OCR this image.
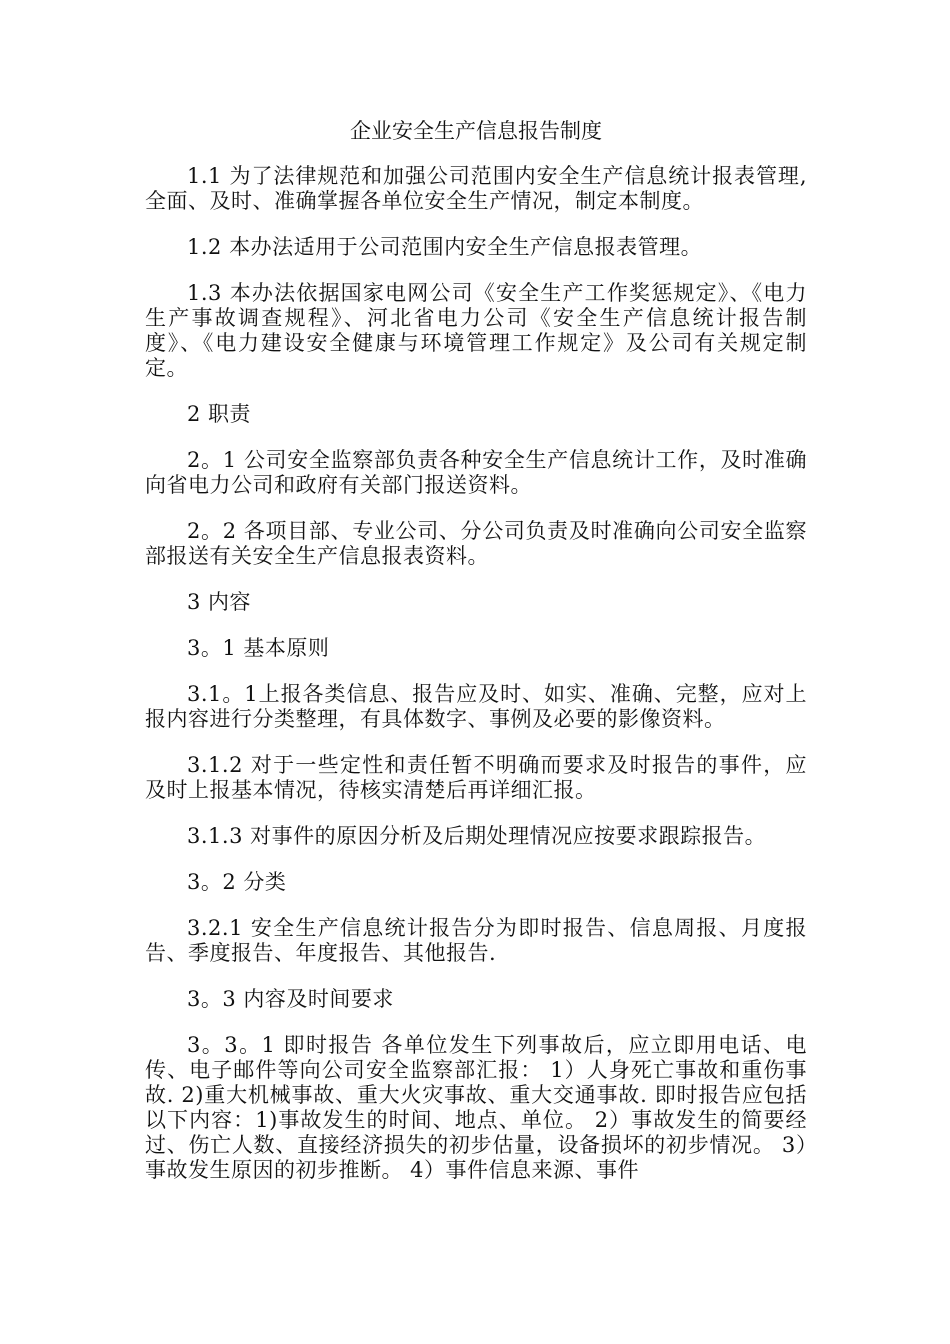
企业安全生产信息报告制度

1.1 为了法律规范和加强公司范围内安全生产信息统计报表管理,全面、及时、准确掌握各单位安全生产情况，制定本制度。

1.2 本办法适用于公司范围内安全生产信息报表管理。

1.3 本办法依据国家电网公司《安全生产工作奖惩规定》、《电力生产事故调查规程》、河北省电力公司《安全生产信息统计报告制度》、《电力建设安全健康与环境管理工作规定》及公司有关规定制定。

2 职责

2。1 公司安全监察部负责各种安全生产信息统计工作，及时准确向省电力公司和政府有关部门报送资料。

2。2 各项目部、专业公司、分公司负责及时准确向公司安全监察部报送有关安全生产信息报表资料。

3 内容

3。1 基本原则

3.1。1上报各类信息、报告应及时、如实、准确、完整，应对上报内容进行分类整理，有具体数字、事例及必要的影像资料。

3.1.2 对于一些定性和责任暂不明确而要求及时报告的事件，应及时上报基本情况，待核实清楚后再详细汇报。

3.1.3 对事件的原因分析及后期处理情况应按要求跟踪报告。

3。2 分类

3.2.1 安全生产信息统计报告分为即时报告、信息周报、月度报告、季度报告、年度报告、其他报告.

3。3 内容及时间要求

3。3。1 即时报告 各单位发生下列事故后，应立即用电话、电传、电子邮件等向公司安全监察部汇报： 1）人身死亡事故和重伤事故. 2)重大机械事故、重大火灾事故、重大交通事故. 即时报告应包括以下内容：1)事故发生的时间、地点、单位。 2）事故发生的简要经过、伤亡人数、直接经济损失的初步估量，设备损坏的初步情况。 3）事故发生原因的初步推断。 4）事件信息来源、事件
